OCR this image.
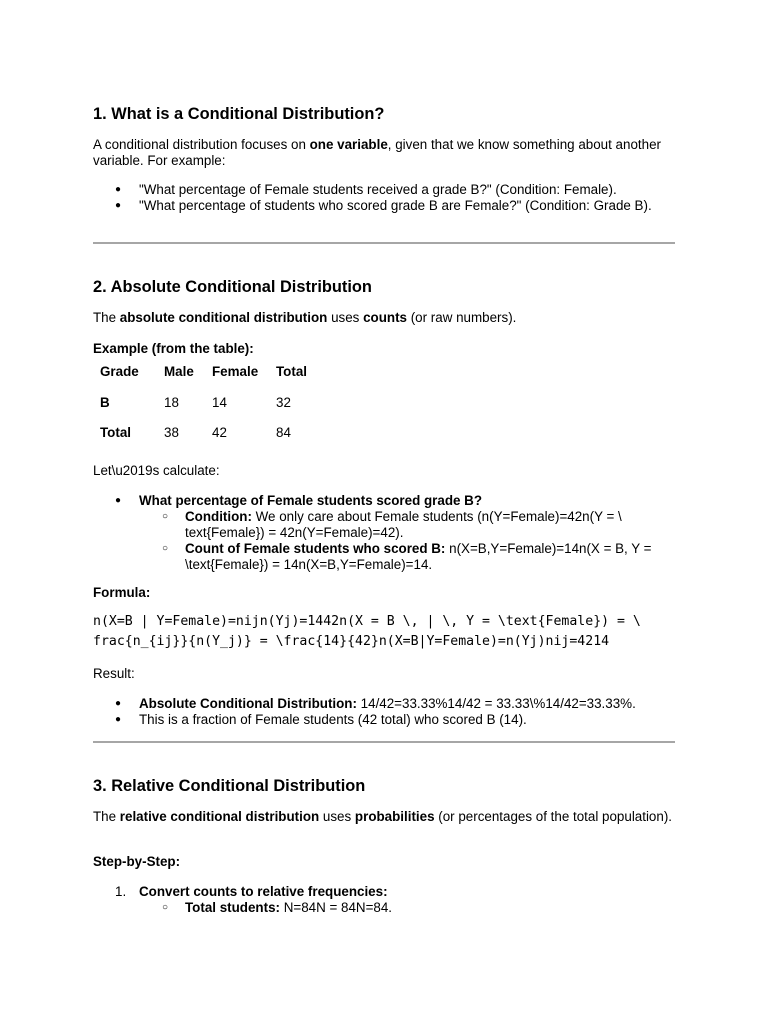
1. What is a Conditional Distribution?
A conditional distribution focuses on one variable, given that we know something about another variable. For example:
● "What percentage of Female students received a grade B?" (Condition: Female).
● "What percentage of students who scored grade B are Female?" (Condition: Grade B).
2. Absolute Conditional Distribution
The absolute conditional distribution uses counts (or raw numbers).
Example (from the table):
Grade	Male	Female	Total
B	18	14	32
Total	38	42	84
Let\u2019s calculate:
● What percentage of Female students scored grade B?
○ Condition: We only care about Female students (n(Y=Female)=42n(Y = \ text{Female}) = 42n(Y=Female)=42).
○ Count of Female students who scored B: n(X=B,Y=Female)=14n(X = B, Y = \text{Female}) = 14n(X=B,Y=Female)=14.
Formula:
n(X=B | Y=Female)=nijn(Yj)=1442n(X = B \, | \, Y = \text{Female}) = \
frac{n_{ij}}{n(Y_j)} = \frac{14}{42}n(X=B|Y=Female)=n(Yj)nij=4214
Result:
● Absolute Conditional Distribution: 14/42=33.33%14/42 = 33.33\%14/42=33.33%.
● This is a fraction of Female students (42 total) who scored B (14).
3. Relative Conditional Distribution
The relative conditional distribution uses probabilities (or percentages of the total population).
Step-by-Step:
1. Convert counts to relative frequencies:
○ Total students: N=84N = 84N=84.
